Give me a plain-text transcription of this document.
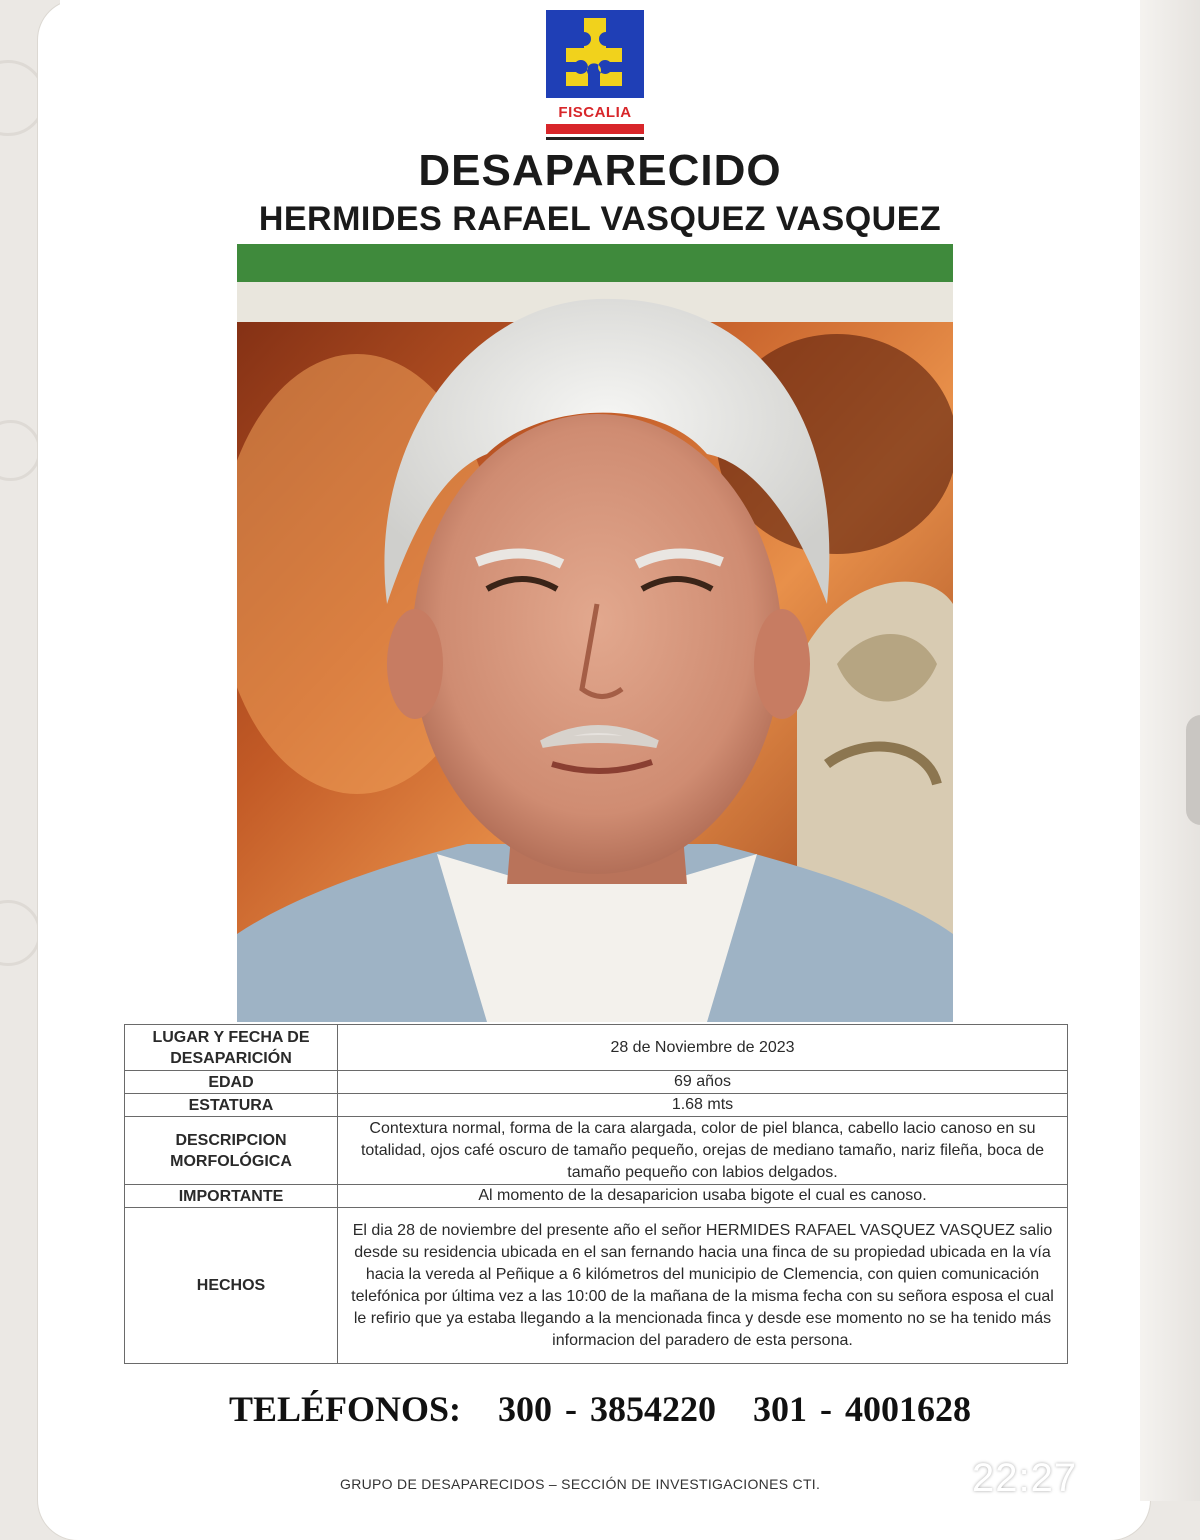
FISCALIA
DESAPARECIDO
HERMIDES RAFAEL VASQUEZ VASQUEZ
LUGAR Y FECHA DE DESAPARICIÓN	28 de Noviembre de 2023
EDAD	69 años
ESTATURA	1.68 mts
DESCRIPCION MORFOLÓGICA	Contextura normal, forma de la cara alargada, color de piel blanca, cabello lacio canoso en su totalidad, ojos café oscuro de tamaño pequeño, orejas de mediano tamaño, nariz fileña, boca de tamaño pequeño con labios delgados.
IMPORTANTE	Al momento de la desaparicion usaba bigote el cual es canoso.
HECHOS	El dia 28 de noviembre del presente año el señor HERMIDES RAFAEL VASQUEZ VASQUEZ salio desde su residencia ubicada en el san fernando hacia una finca de su propiedad ubicada en la vía hacia la vereda al Peñique a 6 kilómetros del municipio de Clemencia, con quien comunicación telefónica por última vez a las 10:00 de la mañana de la misma fecha con su señora esposa el cual le refirio que ya estaba llegando a la mencionada finca y desde ese momento no se ha tenido más informacion del paradero de esta persona.
TELÉFONOS: 300 - 3854220 301 - 4001628
GRUPO DE DESAPARECIDOS – SECCIÓN DE INVESTIGACIONES CTI.	22:27
